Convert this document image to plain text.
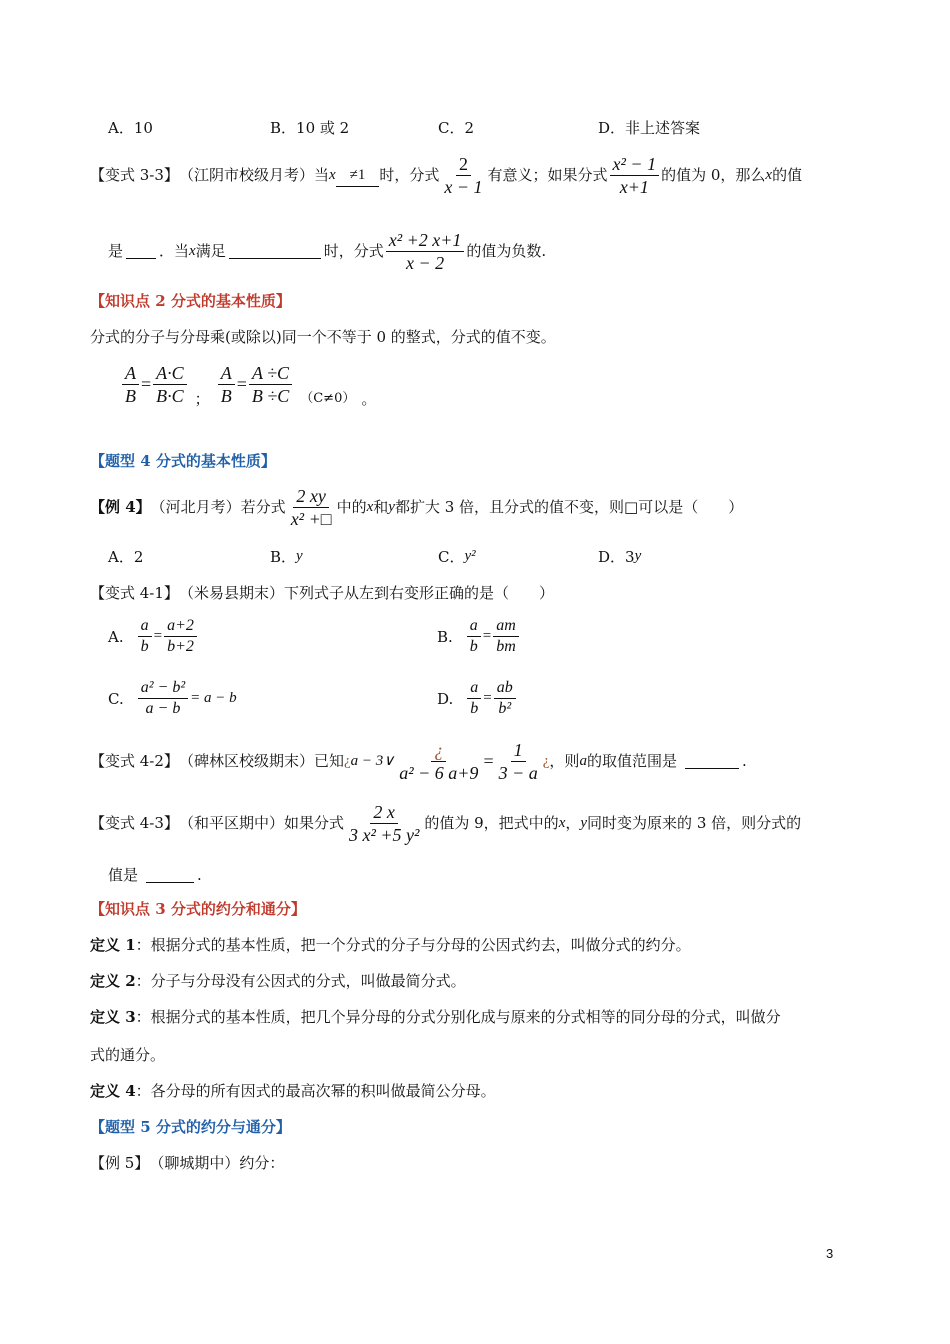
A．10	B．10 或 2	C．2	D．非上述答案
【变式 3-3】 （江阴市校级月考）当 x ≠1 时，分式 $\frac{2}{x - 1}$ 有意义；如果分式 $\frac{\text{x² − 1}}{x+1}$ 的值为 0，那么 x 的值
是 ．当 x 满足	时，分式 $\frac{\text{x² +2 x+1}}{x - 2}$ 的值为负数.
【知识点 2 分式的基本性质】
分式的分子与分母乘(或除以)同一个不等于 0 的整式，分式的值不变。
$\frac{A}{B} = \frac{A\cdot C}{B\cdot C}$ ； $\frac{A}{B} = \frac{A \div C}{B \div C} (C\ne 0)$ 。
【题型 4 分式的基本性质】
【例 4】 （河北月考）若分式 $\frac{2 xy}{\text{x² +□}}$ 中的 x 和 y 都扩大 3 倍，且分式的值不变，则□可以是（　　）
A．2	B． y	C． y²	D．3 y
【变式 4-1】 （米易县期末）下列式子从左到右变形正确的是（　　）
A. $\frac{a}{b} = \frac{a+2}{b+2}$	B. $\frac{a}{b} = \frac{am}{bm}$
C. $\frac{\text{a² − b²}}{a - b} = a - b$	D. $\frac{a}{b} = \frac{ab}{\text{b²}}$
【变式 4-2】 （碑林区校级期末）已知 ¿ a − 3∨ $\frac{¿}{\text{a² − 6 a+9}} = \frac{1}{3 - a}$ ¿ ，则 a 的取值范围是	.
【变式 4-3】 （和平区期中）如果分式 $\frac{2 x}{\text{3 x² +5 y²}}$ 的值为 9，把式中的 x ， y 同时变为原来的 3 倍，则分式的
值是	.
【知识点 3 分式的约分和通分】
定义 1 ：根据分式的基本性质，把一个分式的分子与分母的公因式约去，叫做分式的约分。
定义 2 ：分子与分母没有公因式的分式，叫做最简分式。
定义 3 ：根据分式的基本性质，把几个异分母的分式分别化成与原来的分式相等的同分母的分式，叫做分
式的通分。
定义 4 ：各分母的所有因式的最高次幂的积叫做最简公分母。
【题型 5 分式的约分与通分】
【例 5】 （聊城期中）约分：
3
